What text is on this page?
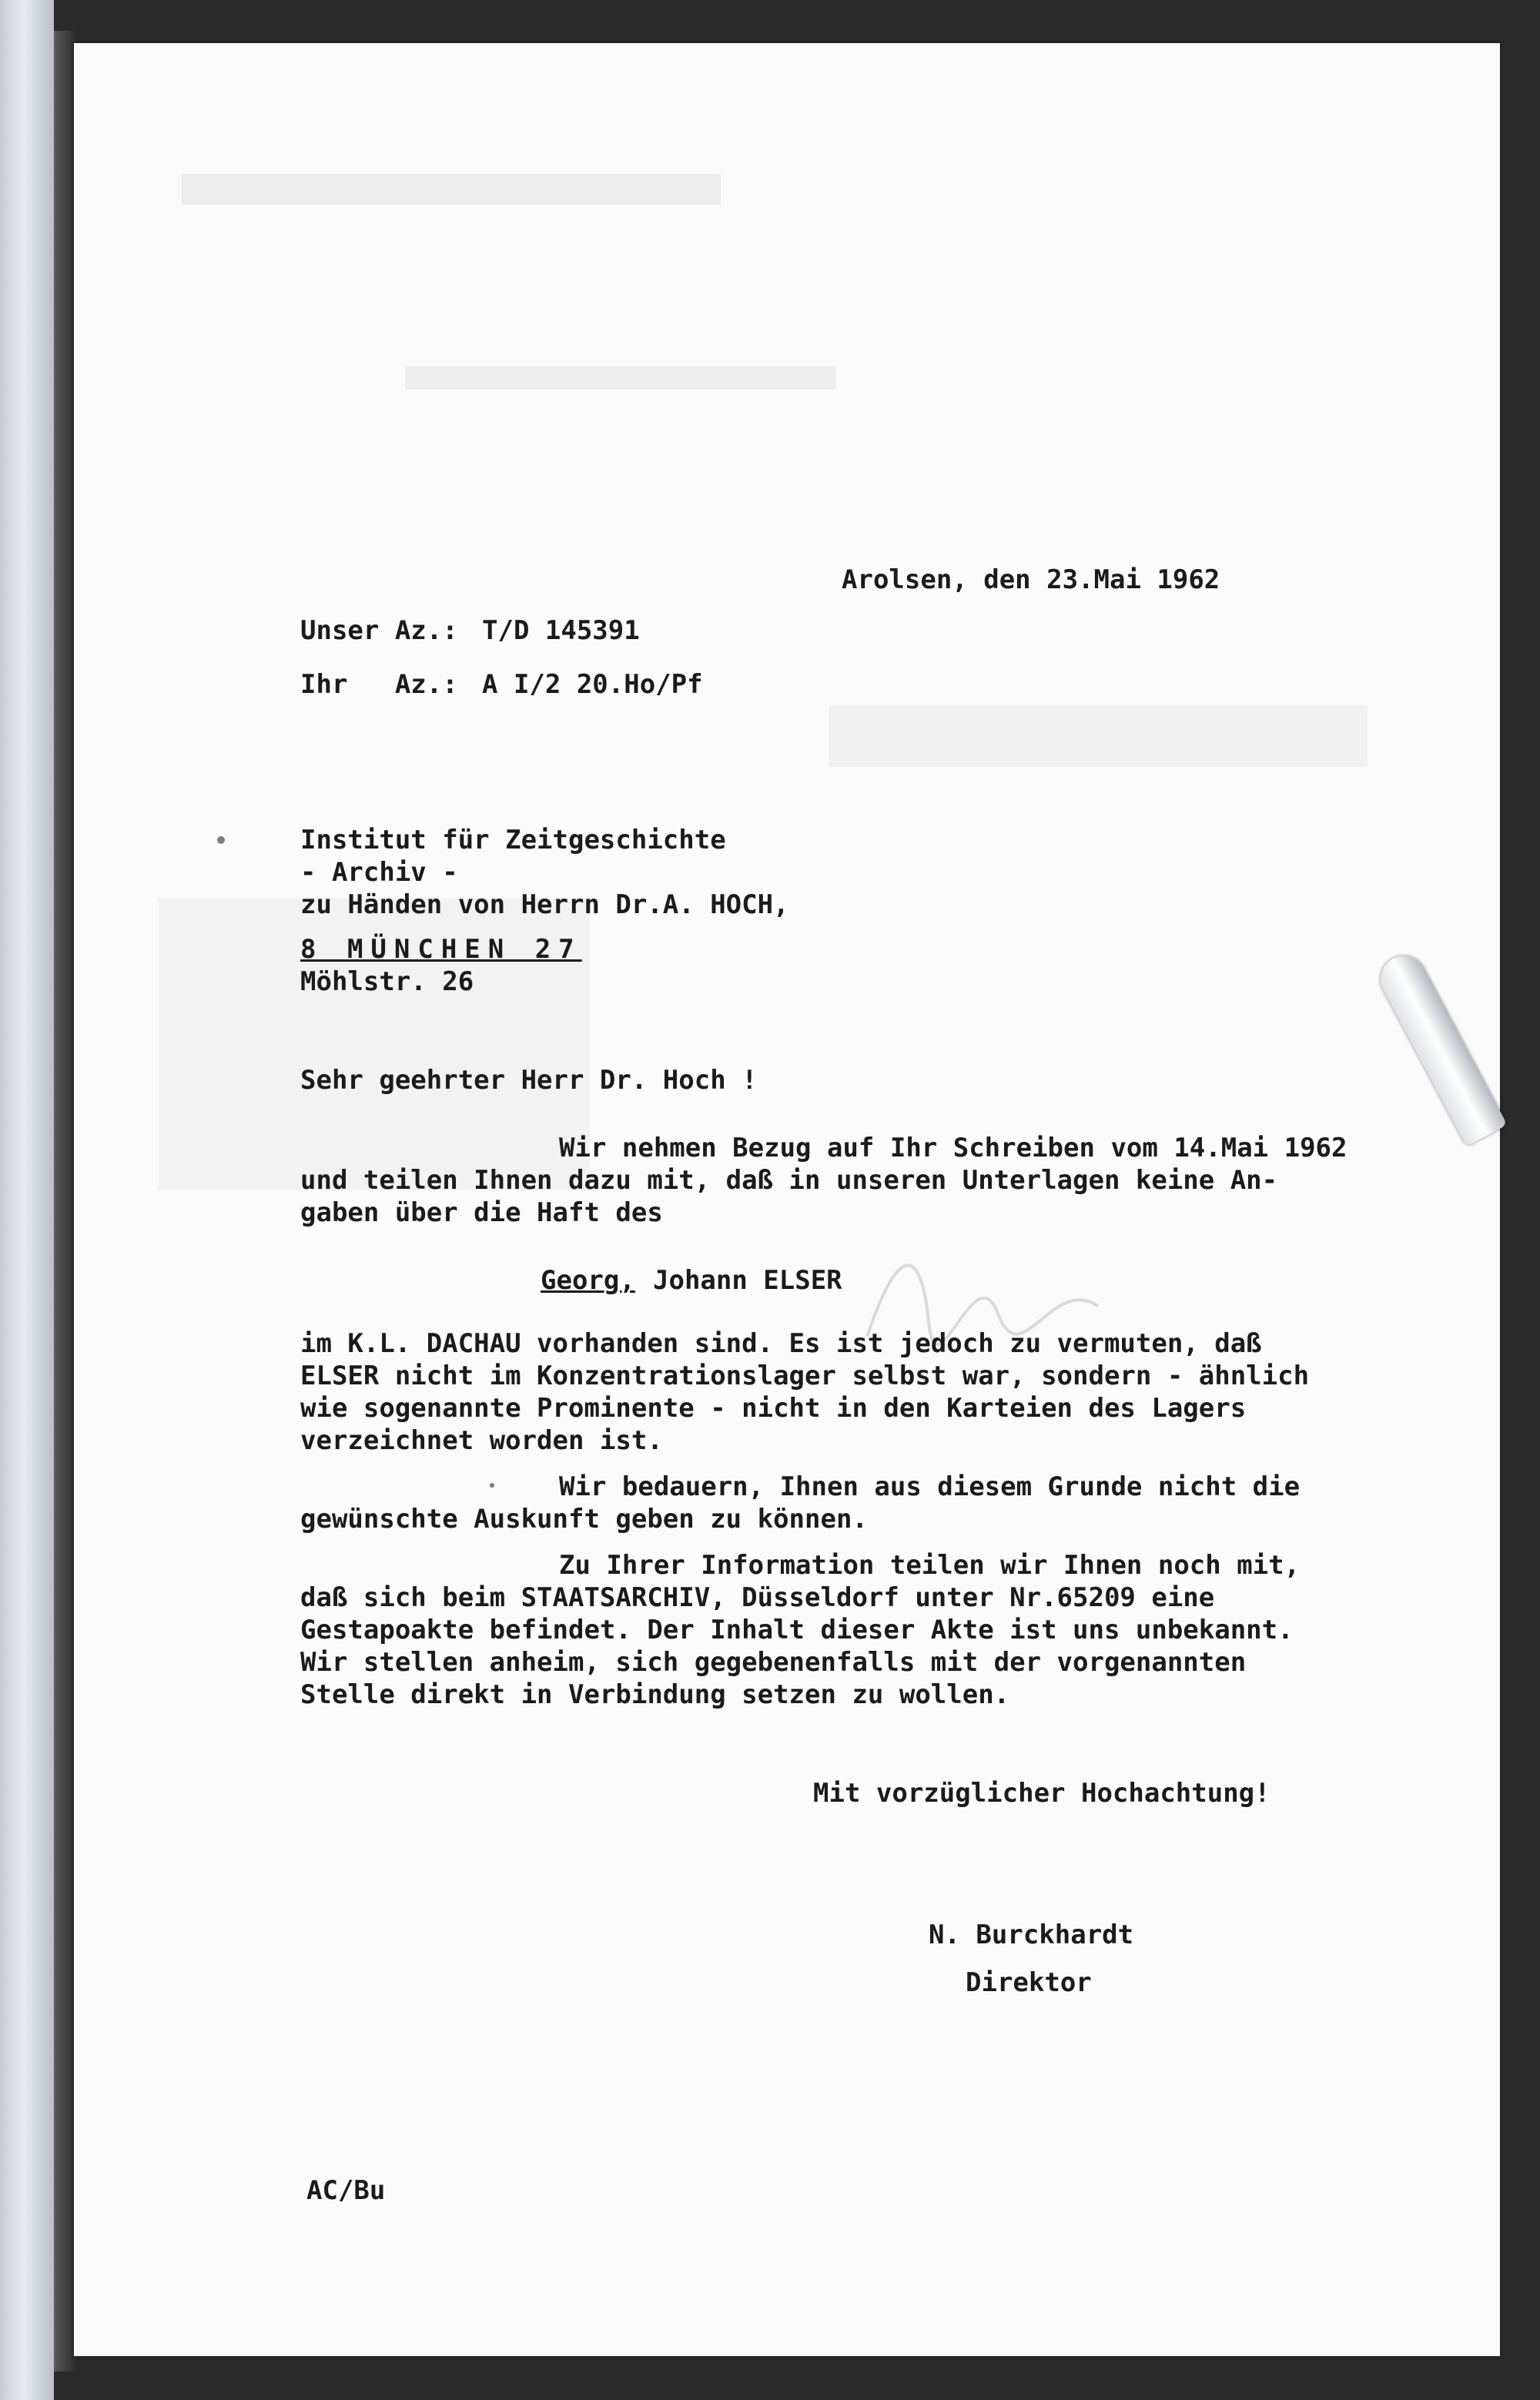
Arolsen, den 23.Mai 1962
Unser Az.: T/D 145391
Ihr   Az.: A I/2 20.Ho/Pf
Institut für Zeitgeschichte
- Archiv -
zu Händen von Herrn Dr.A. HOCH,
8 MÜNCHEN 27
Möhlstr. 26
Sehr geehrter Herr Dr. Hoch !
Wir nehmen Bezug auf Ihr Schreiben vom 14.Mai 1962
und teilen Ihnen dazu mit, daß in unseren Unterlagen keine An-
gaben über die Haft des
Georg, Johann ELSER
im K.L. DACHAU vorhanden sind. Es ist jedoch zu vermuten, daß
ELSER nicht im Konzentrationslager selbst war, sondern - ähnlich
wie sogenannte Prominente - nicht in den Karteien des Lagers
verzeichnet worden ist.
Wir bedauern, Ihnen aus diesem Grunde nicht die
gewünschte Auskunft geben zu können.
Zu Ihrer Information teilen wir Ihnen noch mit,
daß sich beim STAATSARCHIV, Düsseldorf unter Nr.65209 eine
Gestapoakte befindet. Der Inhalt dieser Akte ist uns unbekannt.
Wir stellen anheim, sich gegebenenfalls mit der vorgenannten
Stelle direkt in Verbindung setzen zu wollen.
Mit vorzüglicher Hochachtung!
N. Burckhardt
Direktor
AC/Bu
